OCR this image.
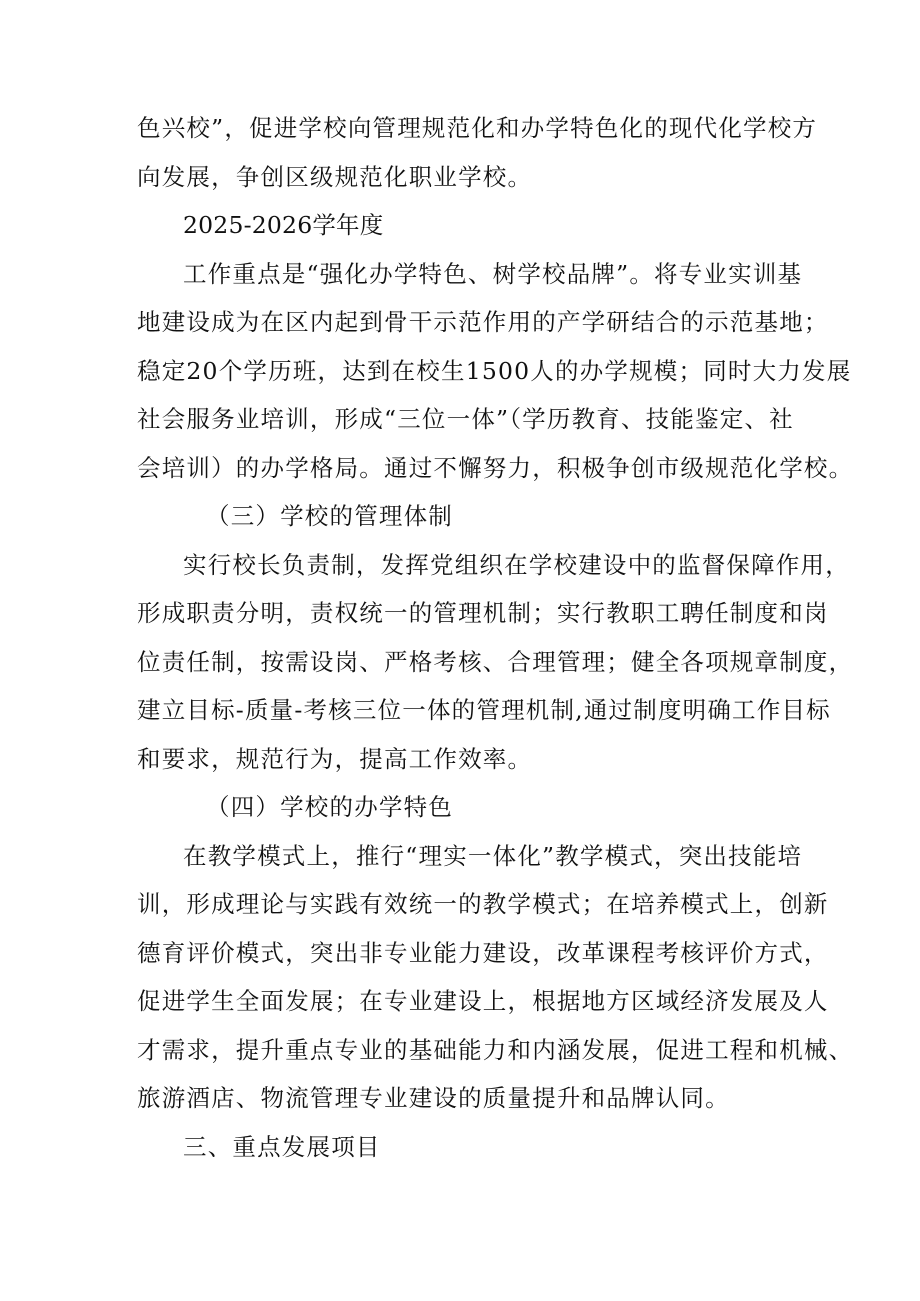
色兴校”，促进学校向管理规范化和办学特色化的现代化学校方
向发展，争创区级规范化职业学校。
2025-2026学年度
工作重点是“强化办学特色、树学校品牌”。将专业实训基
地建设成为在区内起到骨干示范作用的产学研结合的示范基地；
稳定20个学历班，达到在校生1500人的办学规模；同时大力发展
社会服务业培训，形成“三位一体”（学历教育、技能鉴定、社
会培训）的办学格局。通过不懈努力，积极争创市级规范化学校。
（三）学校的管理体制
实行校长负责制，发挥党组织在学校建设中的监督保障作用，
形成职责分明，责权统一的管理机制；实行教职工聘任制度和岗
位责任制，按需设岗、严格考核、合理管理；健全各项规章制度，
建立目标-质量-考核三位一体的管理机制,通过制度明确工作目标
和要求，规范行为，提高工作效率。
（四）学校的办学特色
在教学模式上，推行“理实一体化”教学模式，突出技能培
训，形成理论与实践有效统一的教学模式；在培养模式上，创新
德育评价模式，突出非专业能力建设，改革课程考核评价方式，
促进学生全面发展；在专业建设上，根据地方区域经济发展及人
才需求，提升重点专业的基础能力和内涵发展，促进工程和机械、
旅游酒店、物流管理专业建设的质量提升和品牌认同。
三、重点发展项目
